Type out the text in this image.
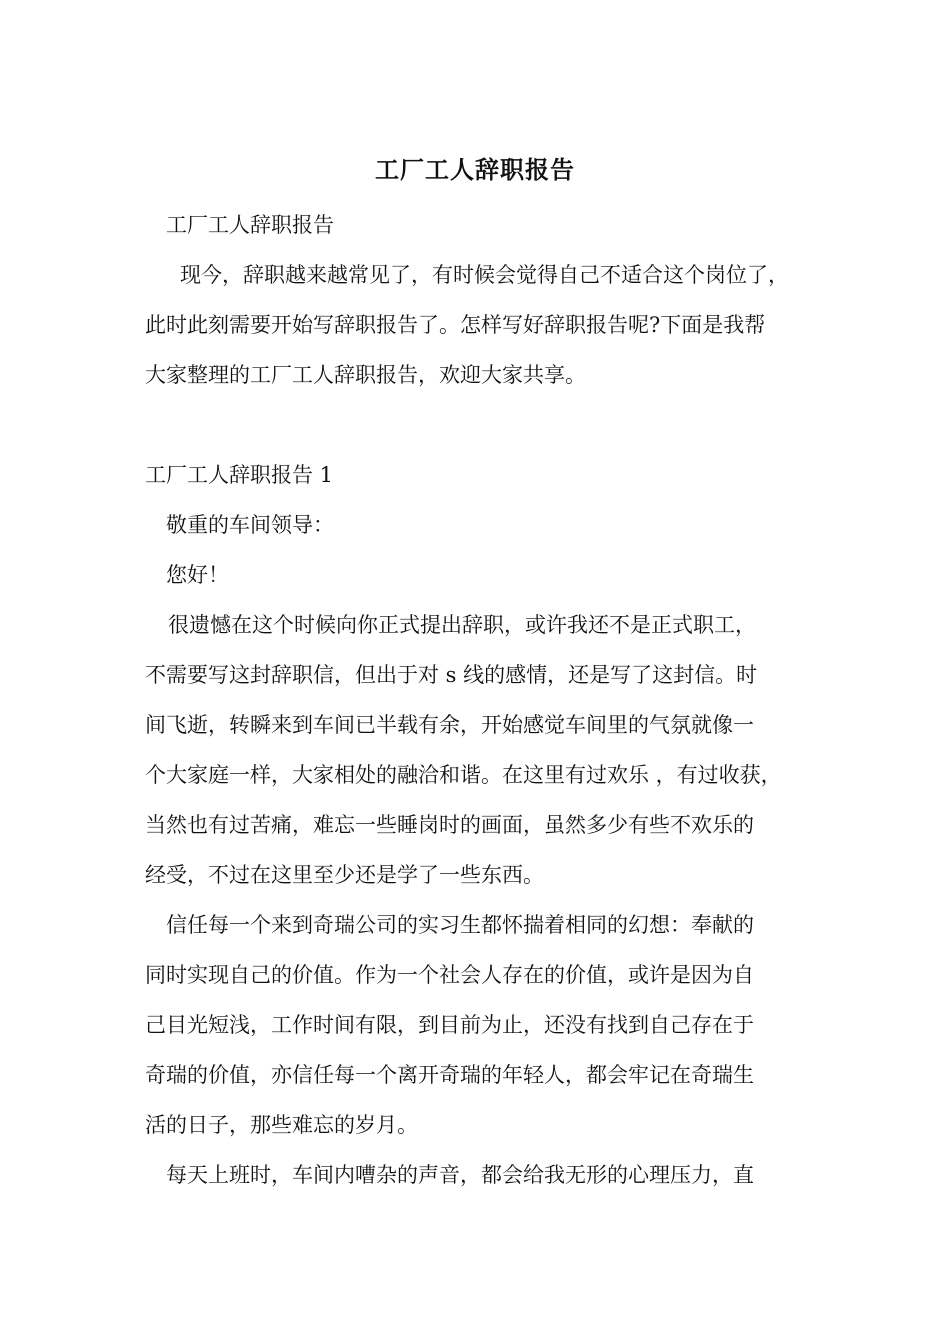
工厂工人辞职报告
工厂工人辞职报告
现今，辞职越来越常见了，有时候会觉得自己不适合这个岗位了，
此时此刻需要开始写辞职报告了。怎样写好辞职报告呢?下面是我帮
大家整理的工厂工人辞职报告，欢迎大家共享。
工厂工人辞职报告 1
敬重的车间领导：
您好！
很遗憾在这个时候向你正式提出辞职，或许我还不是正式职工，
不需要写这封辞职信，但出于对 s 线的感情，还是写了这封信。时
间飞逝，转瞬来到车间已半载有余，开始感觉车间里的气氛就像一
个大家庭一样，大家相处的融洽和谐。在这里有过欢乐 ，有过收获，
当然也有过苦痛，难忘一些睡岗时的画面，虽然多少有些不欢乐的
经受，不过在这里至少还是学了一些东西。
信任每一个来到奇瑞公司的实习生都怀揣着相同的幻想：奉献的
同时实现自己的价值。作为一个社会人存在的价值，或许是因为自
己目光短浅，工作时间有限，到目前为止，还没有找到自己存在于
奇瑞的价值，亦信任每一个离开奇瑞的年轻人，都会牢记在奇瑞生
活的日子，那些难忘的岁月。
每天上班时，车间内嘈杂的声音，都会给我无形的心理压力，直
